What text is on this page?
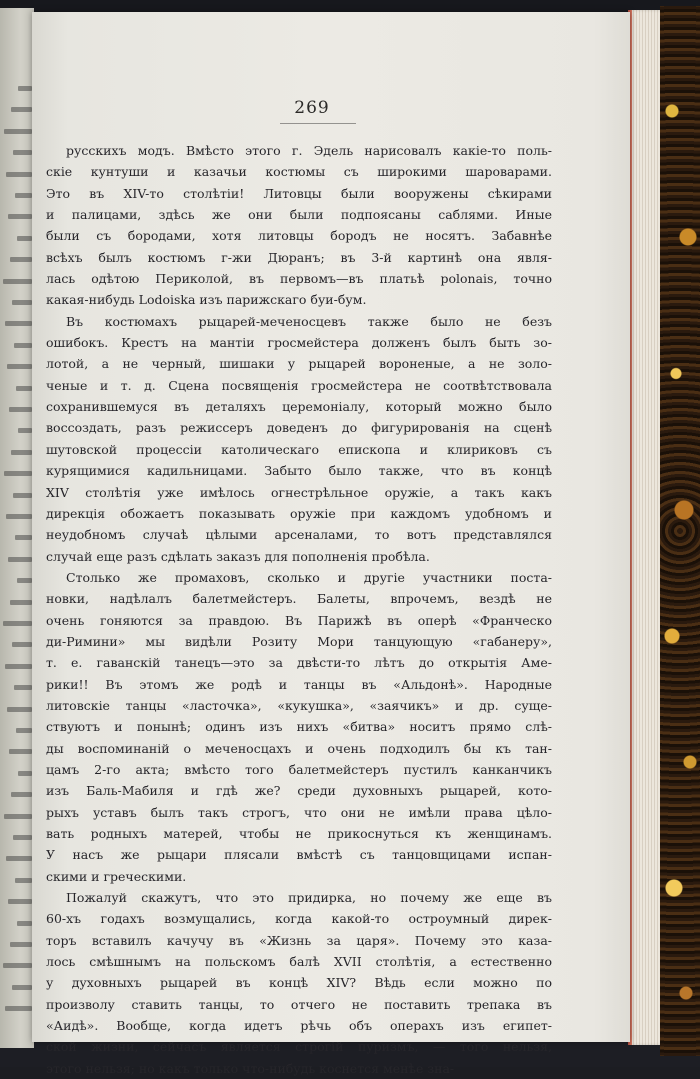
269
русскихъ модъ. Вмѣсто этого г. Эдель нарисовалъ какіе-то поль-
скіе кунтуши и казачьи костюмы съ широкими шароварами.
Это въ XIV-то столѣтіи! Литовцы были вооружены сѣкирами
и палицами, здѣсь же они были подпоясаны саблями. Иные
были съ бородами, хотя литовцы бородъ не носятъ. Забавнѣе
всѣхъ былъ костюмъ г-жи Дюранъ; въ 3-й картинѣ она явля-
лась одѣтою Периколой, въ первомъ—въ платьѣ polonais, точно
какая-нибудь Lodoiska изъ парижскаго буи-бум.
Въ костюмахъ рыцарей-меченосцевъ также было не безъ
ошибокъ. Крестъ на мантіи гросмейстера долженъ былъ быть зо-
лотой, а не черный, шишаки у рыцарей вороненые, а не золо-
ченые и т. д. Сцена посвященія гросмейстера не соотвѣтствовала
сохранившемуся въ деталяхъ церемоніалу, который можно было
воссоздать, разъ режиссеръ доведенъ до фигурированія на сценѣ
шутовской процессіи католическаго епископа и клириковъ съ
курящимися кадильницами. Забыто было также, что въ концѣ
XIV столѣтія уже имѣлось огнестрѣльное оружіе, а такъ какъ
дирекція обожаетъ показывать оружіе при каждомъ удобномъ и
неудобномъ случаѣ цѣлыми арсеналами, то вотъ представлялся
случай еще разъ сдѣлать заказъ для пополненія пробѣла.
Столько же промаховъ, сколько и другіе участники поста-
новки, надѣлалъ балетмейстеръ. Балеты, впрочемъ, вездѣ не
очень гоняются за правдою. Въ Парижѣ въ оперѣ «Франческо
ди-Римини» мы видѣли Розиту Мори танцующую «габанеру»,
т. е. гаванскій танецъ—это за двѣсти-то лѣтъ до открытія Аме-
рики!! Въ этомъ же родѣ и танцы въ «Альдонѣ». Народные
литовскіе танцы «ласточка», «кукушка», «заячикъ» и др. суще-
ствуютъ и понынѣ; одинъ изъ нихъ «битва» носитъ прямо слѣ-
ды воспоминаній о меченосцахъ и очень подходилъ бы къ тан-
цамъ 2-го акта; вмѣсто того балетмейстеръ пустилъ канканчикъ
изъ Баль-Мабиля и гдѣ же? среди духовныхъ рыцарей, кото-
рыхъ уставъ былъ такъ строгъ, что они не имѣли права цѣло-
вать родныхъ матерей, чтобы не прикоснуться къ женщинамъ.
У насъ же рыцари плясали вмѣстѣ съ танцовщицами испан-
скими и греческими.
Пожалуй скажутъ, что это придирка, но почему же еще въ
60-хъ годахъ возмущались, когда какой-то остроумный дирек-
торъ вставилъ качучу въ «Жизнь за царя». Почему это каза-
лось смѣшнымъ на польскомъ балѣ XVII столѣтія, а естественно
у духовныхъ рыцарей въ концѣ XIV? Вѣдь если можно по
произволу ставить танцы, то отчего не поставить трепака въ
«Аидѣ». Вообще, когда идетъ рѣчь объ операхъ изъ египет-
ской жизни, сейчасъ является строгій пуризмъ, — того нельзя,
этого нельзя; но какъ только что-нибудь коснется менѣе зна-
